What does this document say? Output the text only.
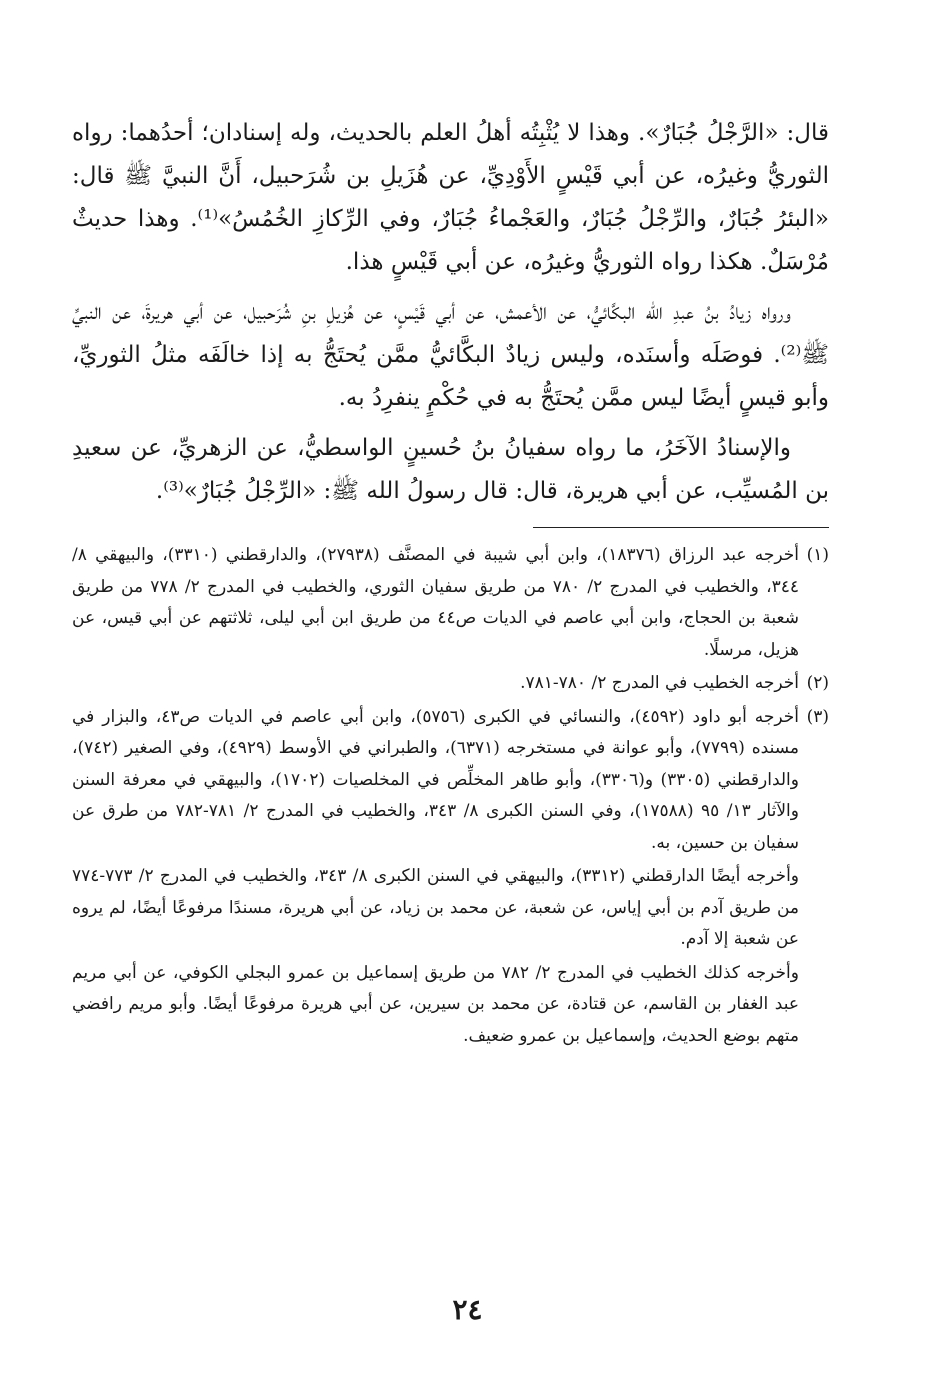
قال: «الرَّجْلُ جُبَارٌ». وهذا لا يُثْبِتُه أهلُ العلم بالحديث، وله إسنادان؛ أحدُهما: رواه الثوريُّ وغيرُه، عن أبي قَيْسٍ الأَوْدِيِّ، عن هُزَيلِ بن شُرَحبيل، أَنَّ النبيَّ ﷺ قال: «البئرُ جُبَارٌ، والرِّجْلُ جُبَارٌ، والعَجْماءُ جُبَارٌ، وفي الرِّكازِ الخُمُسُ»⁽¹⁾. وهذا حديثٌ مُرْسَلٌ. هكذا رواه الثوريُّ وغيرُه، عن أبي قَيْسٍ هذا.

ورواه زيادُ بنُ عبدِ الله البكَّائيُّ، عن الأعمش، عن أبي قَيْسٍ، عن هُزيلِ بنِ شُرَحبيل، عن أبي هريرةَ، عن النبيِّ ﷺ⁽²⁾. فوصَلَه وأسنَده، وليس زيادٌ البكَّائيُّ ممَّن يُحتَجُّ به إذا خالَفَه مثلُ الثوريِّ، وأبو قيسٍ أيضًا ليس ممَّن يُحتَجُّ به في حُكْمٍ ينفرِدُ به.

والإسنادُ الآخَرُ، ما رواه سفيانُ بنُ حُسينٍ الواسطيُّ، عن الزهريِّ، عن سعيدِ بن المُسيِّب، عن أبي هريرة، قال: قال رسولُ الله ﷺ: «الرِّجْلُ جُبَارٌ»⁽³⁾.

(١)
أخرجه عبد الرزاق (١٨٣٧٦)، وابن أبي شيبة في المصنَّف (٢٧٩٣٨)، والدارقطني (٣٣١٠)، والبيهقي ٨/ ٣٤٤، والخطيب في المدرج ٢/ ٧٨٠ من طريق سفيان الثوري، والخطيب في المدرج ٢/ ٧٧٨ من طريق شعبة بن الحجاج، وابن أبي عاصم في الديات ص٤٤ من طريق ابن أبي ليلى، ثلاثتهم عن أبي قيس، عن هزيل، مرسلًا.

(٢)
أخرجه الخطيب في المدرج ٢/ ٧٨٠-٧٨١.

(٣)
أخرجه أبو داود (٤٥٩٢)، والنسائي في الكبرى (٥٧٥٦)، وابن أبي عاصم في الديات ص٤٣، والبزار في مسنده (٧٧٩٩)، وأبو عوانة في مستخرجه (٦٣٧١)، والطبراني في الأوسط (٤٩٢٩)، وفي الصغير (٧٤٢)، والدارقطني (٣٣٠٥) و(٣٣٠٦)، وأبو طاهر المخلِّص في المخلصيات (١٧٠٢)، والبيهقي في معرفة السنن والآثار ١٣/ ٩٥ (١٧٥٨٨)، وفي السنن الكبرى ٨/ ٣٤٣، والخطيب في المدرج ٢/ ٧٨١-٧٨٢ من طرق عن سفيان بن حسين، به.

وأخرجه أيضًا الدارقطني (٣٣١٢)، والبيهقي في السنن الكبرى ٨/ ٣٤٣، والخطيب في المدرج ٢/ ٧٧٣-٧٧٤ من طريق آدم بن أبي إياس، عن شعبة، عن محمد بن زياد، عن أبي هريرة، مسندًا مرفوعًا أيضًا، لم يروه عن شعبة إلا آدم.

وأخرجه كذلك الخطيب في المدرج ٢/ ٧٨٢ من طريق إسماعيل بن عمرو البجلي الكوفي، عن أبي مريم عبد الغفار بن القاسم، عن قتادة، عن محمد بن سيرين، عن أبي هريرة مرفوعًا أيضًا. وأبو مريم رافضي متهم بوضع الحديث، وإسماعيل بن عمرو ضعيف.

٢٤
